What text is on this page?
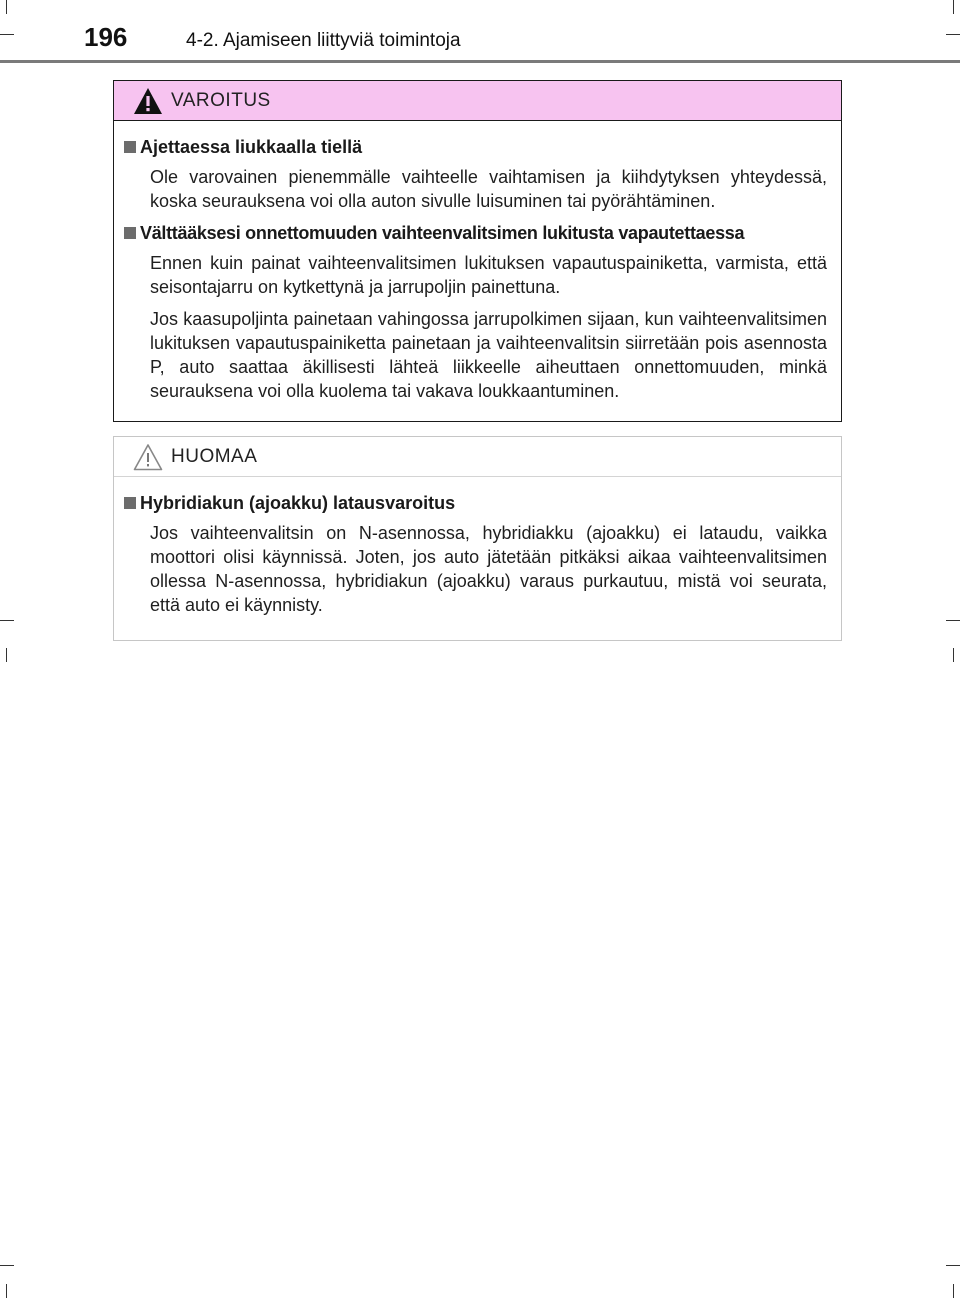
196	4-2. Ajamiseen liittyviä toimintoja
VAROITUS
Ajettaessa liukkaalla tiellä

Ole varovainen pienemmälle vaihteelle vaihtamisen ja kiihdytyksen yhteydessä, koska seurauksena voi olla auton sivulle luisuminen tai pyörähtäminen.

Välttääksesi onnettomuuden vaihteenvalitsimen lukitusta vapautettaessa

Ennen kuin painat vaihteenvalitsimen lukituksen vapautuspainiketta, varmista, että seisontajarru on kytkettynä ja jarrupoljin painettuna.

Jos kaasupoljinta painetaan vahingossa jarrupolkimen sijaan, kun vaihteenvalitsimen lukituksen vapautuspainiketta painetaan ja vaihteenvalitsin siirretään pois asennosta P, auto saattaa äkillisesti lähteä liikkeelle aiheuttaen onnettomuuden, minkä seurauksena voi olla kuolema tai vakava loukkaantuminen.

HUOMAA
Hybridiakun (ajoakku) latausvaroitus

Jos vaihteenvalitsin on N-asennossa, hybridiakku (ajoakku) ei lataudu, vaikka moottori olisi käynnissä. Joten, jos auto jätetään pitkäksi aikaa vaihteenvalitsimen ollessa N-asennossa, hybridiakun (ajoakku) varaus purkautuu, mistä voi seurata, että auto ei käynnisty.
